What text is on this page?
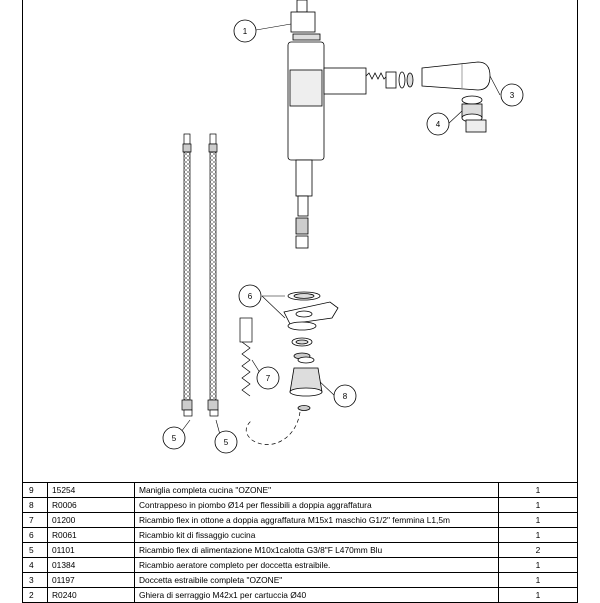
1
3
4
6
7
8
5	5
9	15254	Maniglia completa cucina "OZONE"	1
8	R0006	Contrappeso in piombo Ø14 per flessibili a doppia aggraffatura	1
7	01200	Ricambio flex in ottone a doppia aggraffatura M15x1 maschio G1/2" femmina L1,5m	1
6	R0061	Ricambio kit di fissaggio cucina	1
5	01101	Ricambio flex di alimentazione M10x1calotta G3/8"F L470mm Blu	2
4	01384	Ricambio aeratore completo per doccetta estraibile.	1
3	01197	Doccetta estraibile completa "OZONE"	1
2	R0240	Ghiera di serraggio M42x1 per cartuccia Ø40	1
